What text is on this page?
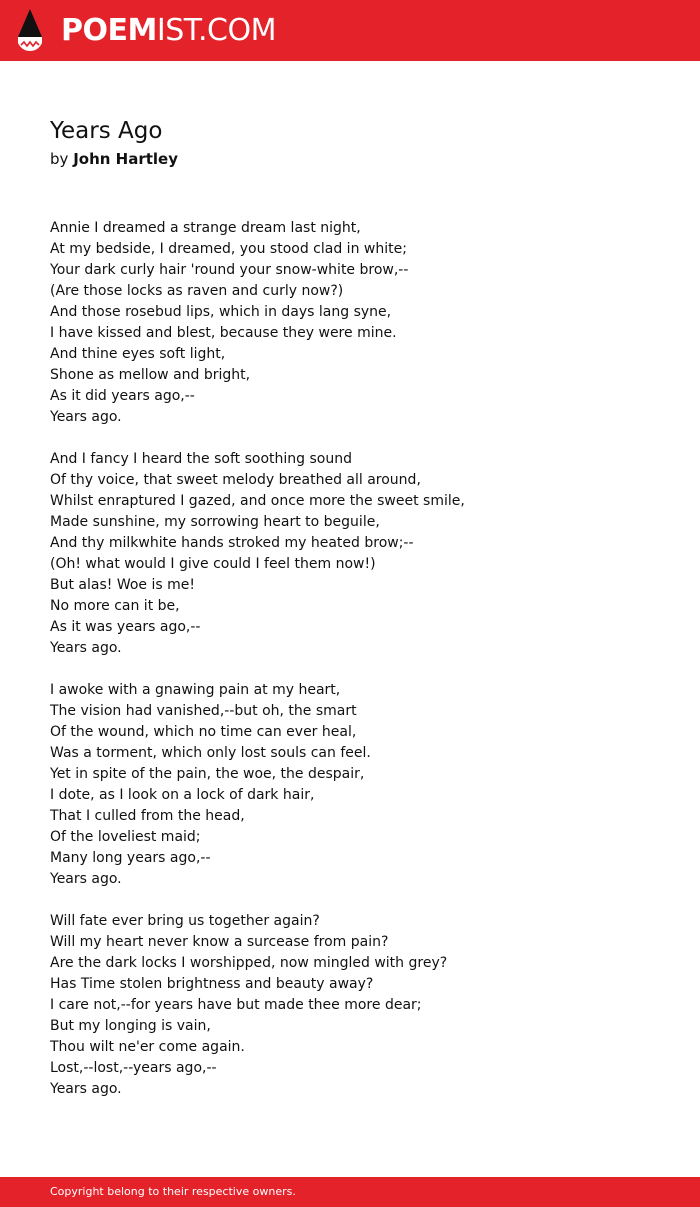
POEMIST.COM
Years Ago
by John Hartley
Annie I dreamed a strange dream last night,
At my bedside, I dreamed, you stood clad in white;
Your dark curly hair 'round your snow-white brow,--
(Are those locks as raven and curly now?)
And those rosebud lips, which in days lang syne,
I have kissed and blest, because they were mine.
And thine eyes soft light,
Shone as mellow and bright,
As it did years ago,--
Years ago.
And I fancy I heard the soft soothing sound
Of thy voice, that sweet melody breathed all around,
Whilst enraptured I gazed, and once more the sweet smile,
Made sunshine, my sorrowing heart to beguile,
And thy milkwhite hands stroked my heated brow;--
(Oh! what would I give could I feel them now!)
But alas! Woe is me!
No more can it be,
As it was years ago,--
Years ago.
I awoke with a gnawing pain at my heart,
The vision had vanished,--but oh, the smart
Of the wound, which no time can ever heal,
Was a torment, which only lost souls can feel.
Yet in spite of the pain, the woe, the despair,
I dote, as I look on a lock of dark hair,
That I culled from the head,
Of the loveliest maid;
Many long years ago,--
Years ago.
Will fate ever bring us together again?
Will my heart never know a surcease from pain?
Are the dark locks I worshipped, now mingled with grey?
Has Time stolen brightness and beauty away?
I care not,--for years have but made thee more dear;
But my longing is vain,
Thou wilt ne'er come again.
Lost,--lost,--years ago,--
Years ago.
Copyright belong to their respective owners.
